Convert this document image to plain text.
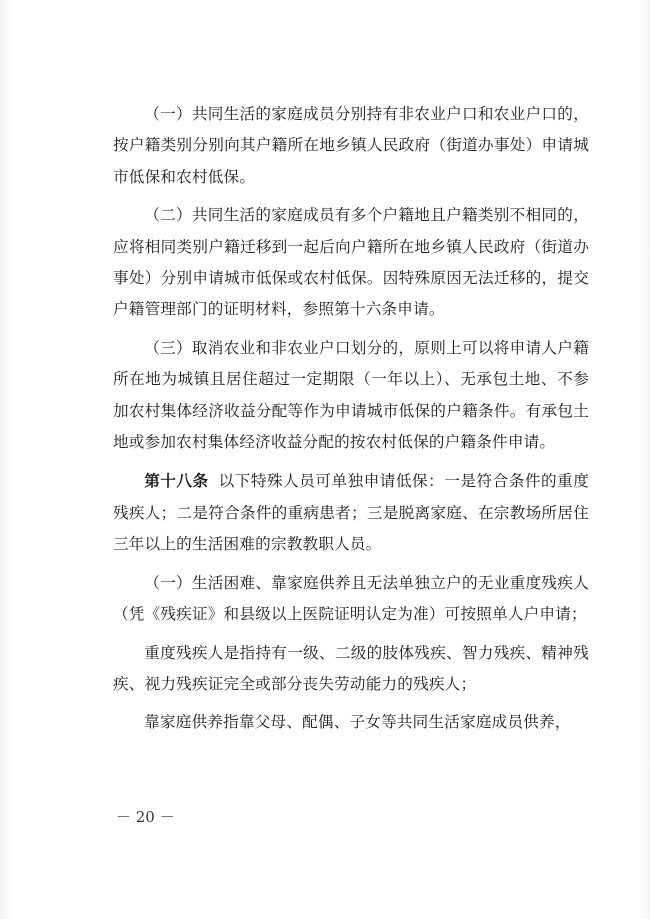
（一）共同生活的家庭成员分别持有非农业户口和农业户口的，按户籍类别分别向其户籍所在地乡镇人民政府（街道办事处）申请城市低保和农村低保。

（二）共同生活的家庭成员有多个户籍地且户籍类别不相同的，应将相同类别户籍迁移到一起后向户籍所在地乡镇人民政府（街道办事处）分别申请城市低保或农村低保。因特殊原因无法迁移的，提交户籍管理部门的证明材料，参照第十六条申请。

（三）取消农业和非农业户口划分的，原则上可以将申请人户籍所在地为城镇且居住超过一定期限（一年以上）、无承包土地、不参加农村集体经济收益分配等作为申请城市低保的户籍条件。有承包土地或参加农村集体经济收益分配的按农村低保的户籍条件申请。

第十八条 以下特殊人员可单独申请低保：一是符合条件的重度残疾人；二是符合条件的重病患者；三是脱离家庭、在宗教场所居住三年以上的生活困难的宗教教职人员。

（一）生活困难、靠家庭供养且无法单独立户的无业重度残疾人（凭《残疾证》和县级以上医院证明认定为准）可按照单人户申请；

重度残疾人是指持有一级、二级的肢体残疾、智力残疾、精神残疾、视力残疾证完全或部分丧失劳动能力的残疾人；

靠家庭供养指靠父母、配偶、子女等共同生活家庭成员供养，

－ 20 －
